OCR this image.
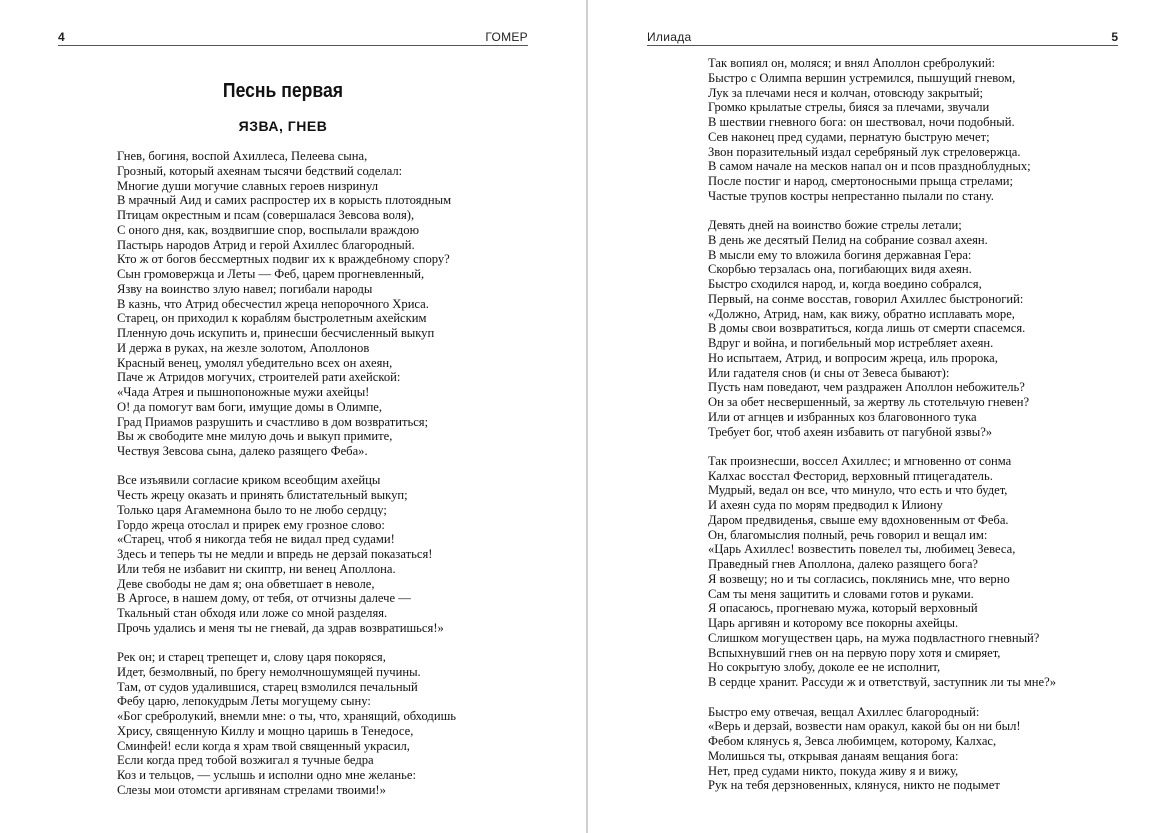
4	ГОМЕР
Песнь первая
ЯЗВА, ГНЕВ
Илиада	5
Гнев, богиня, воспой Ахиллеса, Пелеева сына,
Грозный, который ахеянам тысячи бедствий соделал:
Многие души могучие славных героев низринул
В мрачный Аид и самих распростер их в корысть плотоядным
Птицам окрестным и псам (совершалася Зевсова воля),
С оного дня, как, воздвигшие спор, воспылали враждою
Пастырь народов Атрид и герой Ахиллес благородный.
Кто ж от богов бессмертных подвиг их к враждебному спору?
Сын громовержца и Леты — Феб, царем прогневленный,
Язву на воинство злую навел; погибали народы
В казнь, что Атрид обесчестил жреца непорочного Хриса.
Старец, он приходил к кораблям быстролетным ахейским
Пленную дочь искупить и, принесши бесчисленный выкуп
И держа в руках, на жезле золотом, Аполлонов
Красный венец, умолял убедительно всех он ахеян,
Паче ж Атридов могучих, строителей рати ахейской:
«Чада Атрея и пышнопоножные мужи ахейцы!
О! да помогут вам боги, имущие домы в Олимпе,
Град Приамов разрушить и счастливо в дом возвратиться;
Вы ж свободите мне милую дочь и выкуп примите,
Чествуя Зевсова сына, далеко разящего Феба».
Все изъявили согласие криком всеобщим ахейцы
Честь жрецу оказать и принять блистательный выкуп;
Только царя Агамемнона было то не любо сердцу;
Гордо жреца отослал и прирек ему грозное слово:
«Старец, чтоб я никогда тебя не видал пред судами!
Здесь и теперь ты не медли и впредь не дерзай показаться!
Или тебя не избавит ни скиптр, ни венец Аполлона.
Деве свободы не дам я; она обветшает в неволе,
В Аргосе, в нашем дому, от тебя, от отчизны далече —
Ткальный стан обходя или ложе со мной разделяя.
Прочь удались и меня ты не гневай, да здрав возвратишься!»
Рек он; и старец трепещет и, слову царя покоряся,
Идет, безмолвный, по брегу немолчношумящей пучины.
Там, от судов удалившися, старец взмолился печальный
Фебу царю, лепокудрым Леты могущему сыну:
«Бог сребролукий, внемли мне: о ты, что, хранящий, обходишь
Хрису, священную Киллу и мощно царишь в Тенедосе,
Сминфей! если когда я храм твой священный украсил,
Если когда пред тобой возжигал я тучные бедра
Коз и тельцов, — услышь и исполни одно мне желанье:
Слезы мои отомсти аргивянам стрелами твоими!»
Так вопиял он, моляся; и внял Аполлон сребролукий:
Быстро с Олимпа вершин устремился, пышущий гневом,
Лук за плечами неся и колчан, отовсюду закрытый;
Громко крылатые стрелы, бияся за плечами, звучали
В шествии гневного бога: он шествовал, ночи подобный.
Сев наконец пред судами, пернатую быструю мечет;
Звон поразительный издал серебряный лук стреловержца.
В самом начале на месков напал он и псов праздноблудных;
После постиг и народ, смертоносными прыща стрелами;
Частые трупов костры непрестанно пылали по стану.
Девять дней на воинство божие стрелы летали;
В день же десятый Пелид на собрание созвал ахеян.
В мысли ему то вложила богиня державная Гера:
Скорбью терзалась она, погибающих видя ахеян.
Быстро сходился народ, и, когда воедино собрался,
Первый, на сонме восстав, говорил Ахиллес быстроногий:
«Должно, Атрид, нам, как вижу, обратно исплавать море,
В домы свои возвратиться, когда лишь от смерти спасемся.
Вдруг и война, и погибельный мор истребляет ахеян.
Но испытаем, Атрид, и вопросим жреца, иль пророка,
Или гадателя снов (и сны от Зевеса бывают):
Пусть нам поведают, чем раздражен Аполлон небожитель?
Он за обет несвершенный, за жертву ль стотельчую гневен?
Или от агнцев и избранных коз благовонного тука
Требует бог, чтоб ахеян избавить от пагубной язвы?»
Так произнесши, воссел Ахиллес; и мгновенно от сонма
Калхас восстал Фесторид, верховный птицегадатель.
Мудрый, ведал он все, что минуло, что есть и что будет,
И ахеян суда по морям предводил к Илиону
Даром предвиденья, свыше ему вдохновенным от Феба.
Он, благомыслия полный, речь говорил и вещал им:
«Царь Ахиллес! возвестить повелел ты, любимец Зевеса,
Праведный гнев Аполлона, далеко разящего бога?
Я возвещу; но и ты согласись, поклянись мне, что верно
Сам ты меня защитить и словами готов и руками.
Я опасаюсь, прогневаю мужа, который верховный
Царь аргивян и которому все покорны ахейцы.
Слишком могуществен царь, на мужа подвластного гневный?
Вспыхнувший гнев он на первую пору хотя и смиряет,
Но сокрытую злобу, доколе ее не исполнит,
В сердце хранит. Рассуди ж и ответствуй, заступник ли ты мне?»
Быстро ему отвечая, вещал Ахиллес благородный:
«Верь и дерзай, возвести нам оракул, какой бы он ни был!
Фебом клянусь я, Зевса любимцем, которому, Калхас,
Молишься ты, открывая данаям вещания бога:
Нет, пред судами никто, покуда живу я и вижу,
Рук на тебя дерзновенных, клянуся, никто не подымет
